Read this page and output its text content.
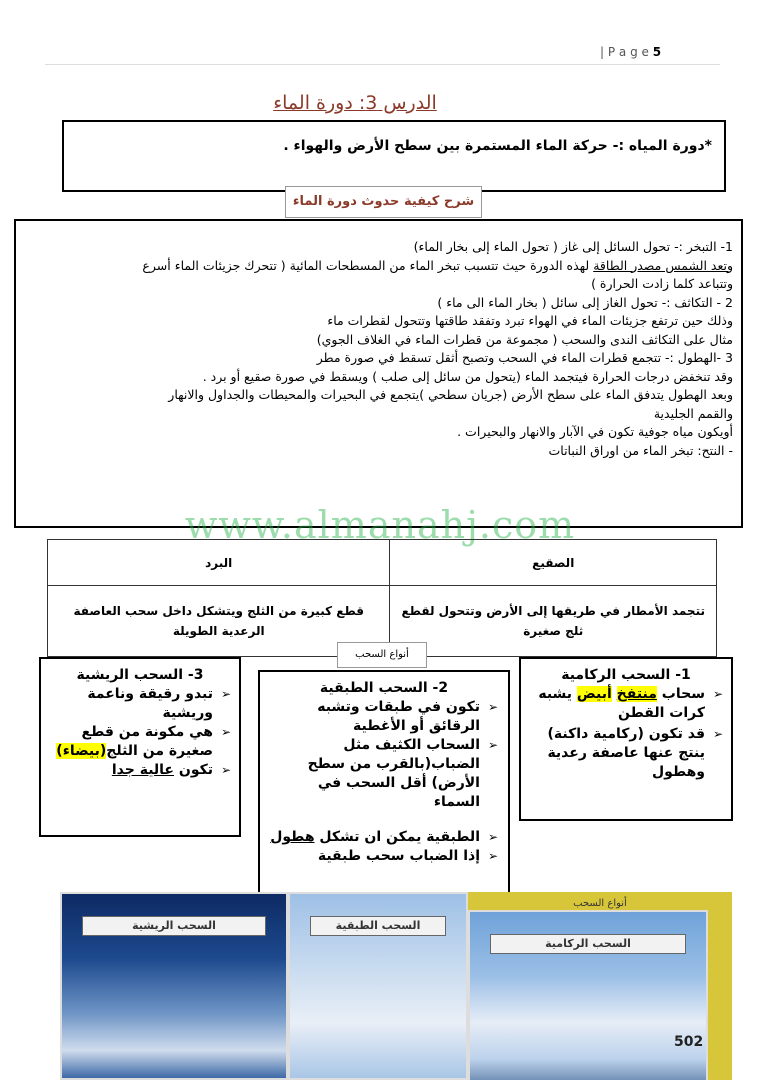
| P a g e 5
الدرس 3: دورة الماء
*دورة المياه :- حركة الماء المستمرة بين سطح الأرض والهواء .
شرح كيفية حدوث دورة الماء
1- التبخر :- تحول السائل إلى غاز ( تحول الماء إلى بخار الماء)
وتعد الشمس مصدر الطاقة لهذه الدورة حيث تتسبب تبخر الماء من المسطحات المائية ( تتحرك جزيئات الماء أسرع
وتتباعد كلما زادت الحرارة )
2 - التكاثف :- تحول الغاز إلى سائل ( بخار الماء الى ماء )
وذلك حين ترتفع جزيئات الماء في الهواء تبرد وتفقد طاقتها وتتحول لقطرات ماء
مثال على التكاثف الندى والسحب ( مجموعة من قطرات الماء في الغلاف الجوي)
3 -الهطول :- تتجمع قطرات الماء في السحب وتصبح أثقل تسقط في صورة مطر
وقد تنخفض درجات الحرارة فيتجمد الماء (يتحول من سائل إلى صلب ) ويسقط في صورة صقيع أو برد .
وبعد الهطول يتدفق الماء على سطح الأرض (جريان سطحي )يتجمع في البحيرات والمحيطات والجداول والانهار
والقمم الجليدية
أويكون مياه جوفية تكون في الآبار والانهار والبحيرات .
- النتح: تبخر الماء من اوراق النباتات
www.almanahj.com
الصقيع	البرد
تتجمد الأمطار في طريقها إلى الأرض وتتحول لقطع ثلج صغيرة	قطع كبيرة من الثلج ويتشكل داخل سحب العاصفة الرعدية الطويلة
أنواع السحب
1- السحب الركامية
➢
سحاب منتفخ أبيض يشبه كرات القطن
➢
قد تكون (ركامية داكنة) ينتج عنها عاصفة رعدية وهطول
2- السحب الطبقية
➢
تكون في طبقات وتشبه الرقائق أو الأغطية
➢
السحاب الكثيف مثل الضباب(بالقرب من سطح الأرض) أقل السحب في السماء
➢
الطبقية يمكن ان تشكل هطول
➢
إذا الضباب سحب طبقية
3- السحب الريشية
➢
تبدو رقيقة وناعمة وريشية
➢
هي مكونة من قطع صغيرة من الثلج(بيضاء)
➢
تكون عالية جدا
السحب الريشية	السحب الطبقية
السحب الركامية
أنواع السحب
502
